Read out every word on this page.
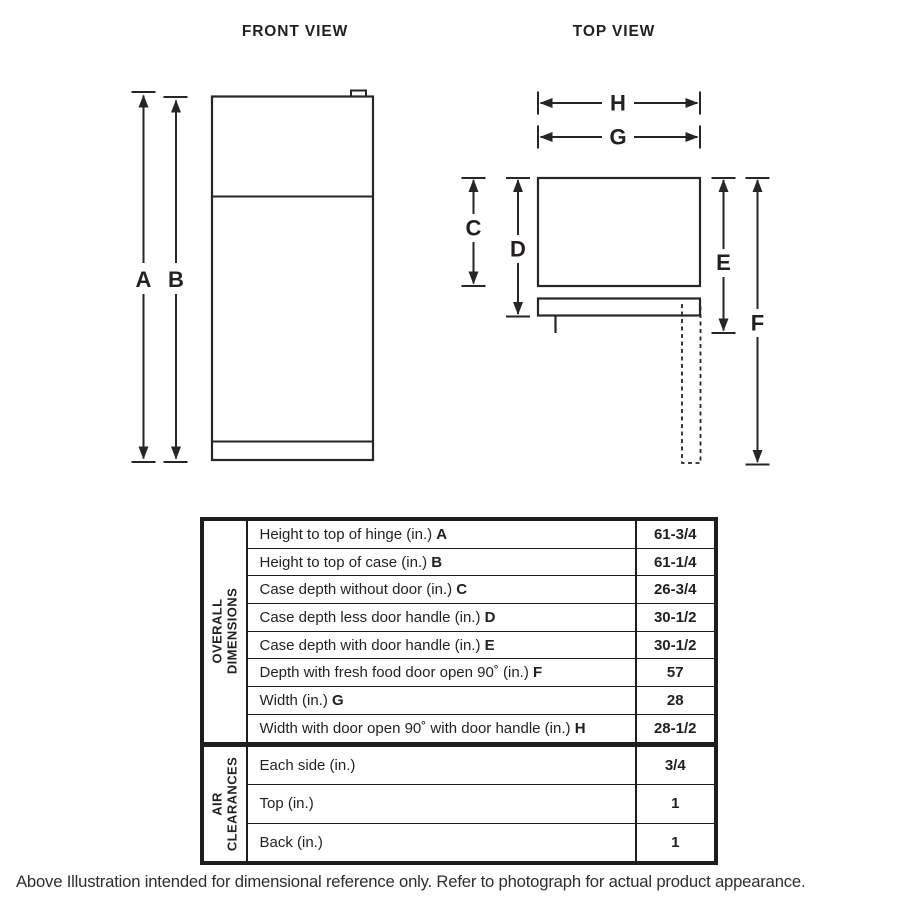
FRONT VIEW	TOP VIEW
A B
H
G
C
D
E
F
OVERALL DIMENSIONS	Height to top of hinge (in.) A	61-3/4
	Height to top of case (in.) B	61-1/4
	Case depth without door (in.) C	26-3/4
	Case depth less door handle (in.) D	30-1/2
	Case depth with door handle (in.) E	30-1/2
	Depth with fresh food door open 90˚ (in.) F	57
	Width (in.) G	28
	Width with door open 90˚ with door handle (in.) H	28-1/2
AIR CLEARANCES	Each side (in.)	3/4
	Top (in.)	1
	Back (in.)	1
Above Illustration intended for dimensional reference only. Refer to photograph for actual product appearance.
